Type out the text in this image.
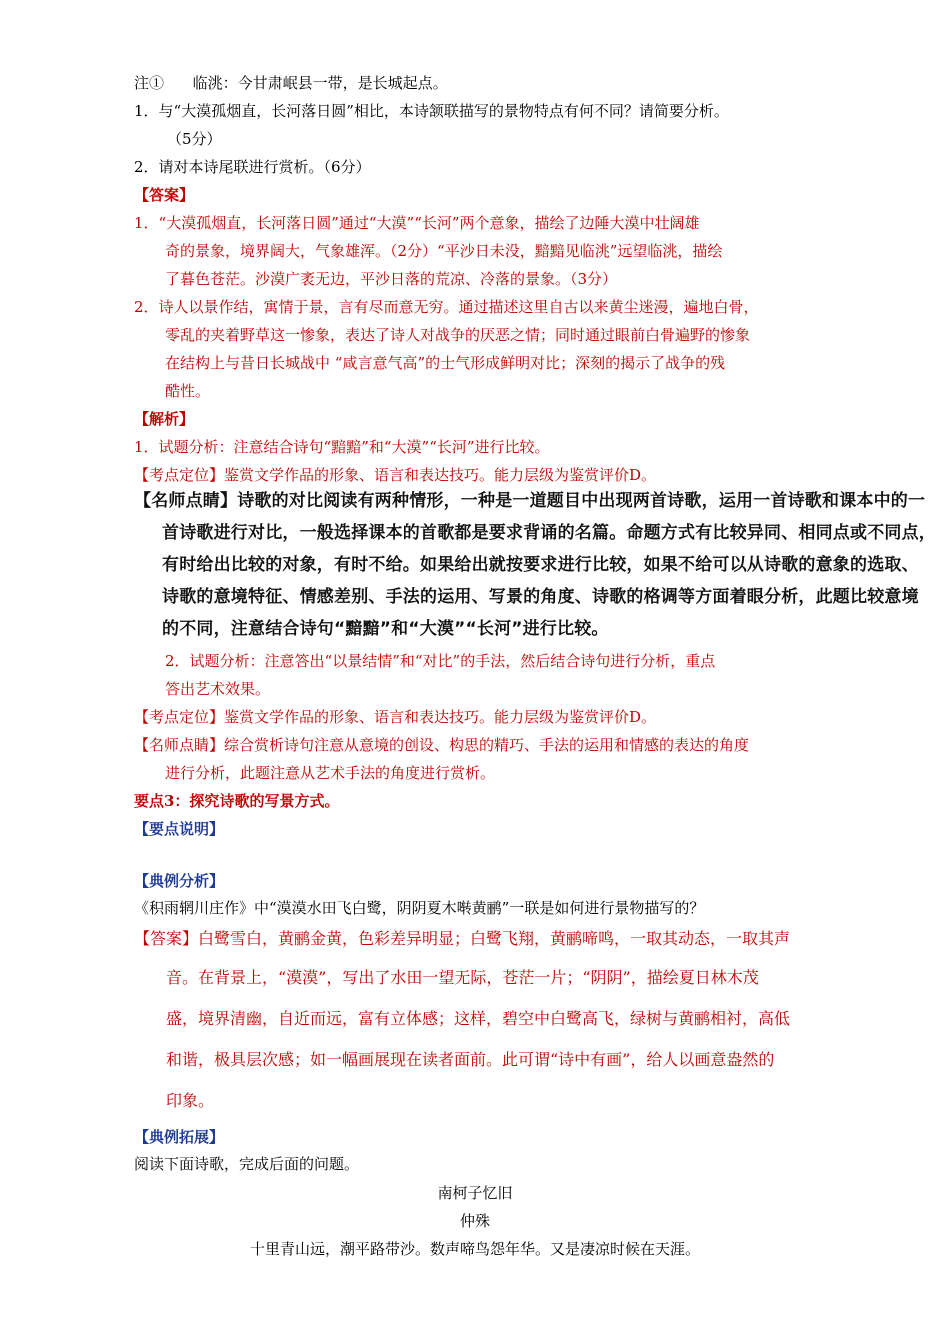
注①      临洮：今甘肃岷县一带，是长城起点。
1．与“大漠孤烟直，长河落日圆”相比，本诗颔联描写的景物特点有何不同？请简要分析。
（5分）
2．请对本诗尾联进行赏析。（6分）
【答案】
1．“大漠孤烟直，长河落日圆”通过“大漠”“长河”两个意象，描绘了边陲大漠中壮阔雄
奇的景象，境界阔大，气象雄浑。（2分）“平沙日未没，黯黯见临洮”远望临洮，描绘
了暮色苍茫。沙漠广袤无边，平沙日落的荒凉、冷落的景象。（3分）
2．诗人以景作结，寓情于景，言有尽而意无穷。通过描述这里自古以来黄尘迷漫，遍地白骨，
零乱的夹着野草这一惨象，表达了诗人对战争的厌恶之情；同时通过眼前白骨遍野的惨象
在结构上与昔日长城战中 “咸言意气高”的士气形成鲜明对比；深刻的揭示了战争的残
酷性。
【解析】
1．试题分析：注意结合诗句“黯黯”和“大漠”“长河”进行比较。
【考点定位】鉴赏文学作品的形象、语言和表达技巧。能力层级为鉴赏评价D。
【名师点睛】诗歌的对比阅读有两种情形，一种是一道题目中出现两首诗歌，运用一首诗歌和课本中的一
首诗歌进行对比，一般选择课本的首歌都是要求背诵的名篇。命题方式有比较异同、相同点或不同点，
有时给出比较的对象，有时不给。如果给出就按要求进行比较，如果不给可以从诗歌的意象的选取、
诗歌的意境特征、情感差别、手法的运用、写景的角度、诗歌的格调等方面着眼分析，此题比较意境
的不同，注意结合诗句“黯黯”和“大漠”“长河”进行比较。
2．试题分析：注意答出“以景结情”和“对比”的手法，然后结合诗句进行分析，重点
答出艺术效果。
【考点定位】鉴赏文学作品的形象、语言和表达技巧。能力层级为鉴赏评价D。
【名师点睛】综合赏析诗句注意从意境的创设、构思的精巧、手法的运用和情感的表达的角度
进行分析，此题注意从艺术手法的角度进行赏析。
要点3：探究诗歌的写景方式。
【要点说明】
【典例分析】
《积雨辋川庄作》中“漠漠水田飞白鹭，阴阴夏木啭黄鹂”一联是如何进行景物描写的？
【答案】白鹭雪白，黄鹂金黄，色彩差异明显；白鹭飞翔，黄鹂啼鸣，一取其动态，一取其声
音。在背景上，“漠漠”，写出了水田一望无际，苍茫一片；“阴阴”，描绘夏日林木茂
盛，境界清幽，自近而远，富有立体感；这样，碧空中白鹭高飞，绿树与黄鹂相衬，高低
和谐，极具层次感；如一幅画展现在读者面前。此可谓“诗中有画”，给人以画意盎然的
印象。
【典例拓展】
阅读下面诗歌，完成后面的问题。
南柯子忆旧
仲殊
十里青山远，潮平路带沙。数声啼鸟怨年华。又是凄凉时候在天涯。
